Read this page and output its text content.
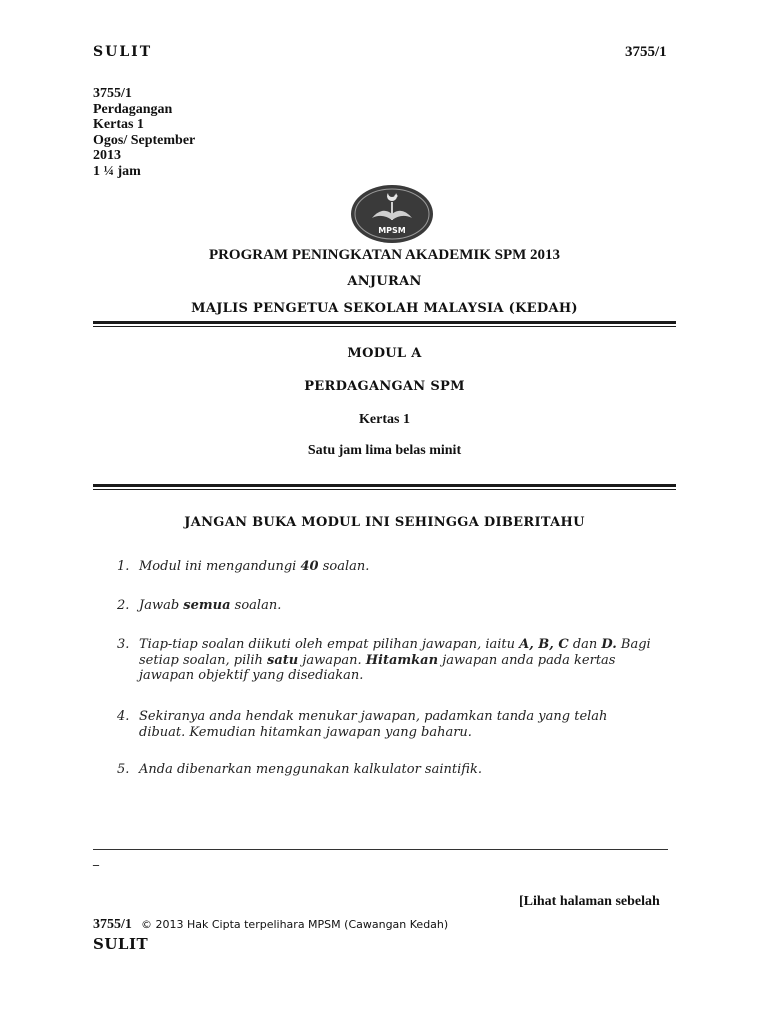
SULIT	3755/1
3755/1
Perdagangan
Kertas 1
Ogos/ September
2013
1 ¼ jam
MPSM
PROGRAM PENINGKATAN AKADEMIK SPM 2013
ANJURAN
MAJLIS PENGETUA SEKOLAH MALAYSIA (KEDAH)
MODUL A
PERDAGANGAN SPM
Kertas 1
Satu jam lima belas minit
JANGAN BUKA MODUL INI SEHINGGA DIBERITAHU
1. Modul ini mengandungi 40 soalan.
2. Jawab semua soalan.
3. Tiap-tiap soalan diikuti oleh empat pilihan jawapan, iaitu A, B, C dan D. Bagi setiap soalan, pilih satu jawapan. Hitamkan jawapan anda pada kertas jawapan objektif yang disediakan.
4. Sekiranya anda hendak menukar jawapan, padamkan tanda yang telah dibuat. Kemudian hitamkan jawapan yang baharu.
5. Anda dibenarkan menggunakan kalkulator saintifik.
_
[Lihat halaman sebelah
3755/1 © 2013 Hak Cipta terpelihara MPSM (Cawangan Kedah)
SULIT
